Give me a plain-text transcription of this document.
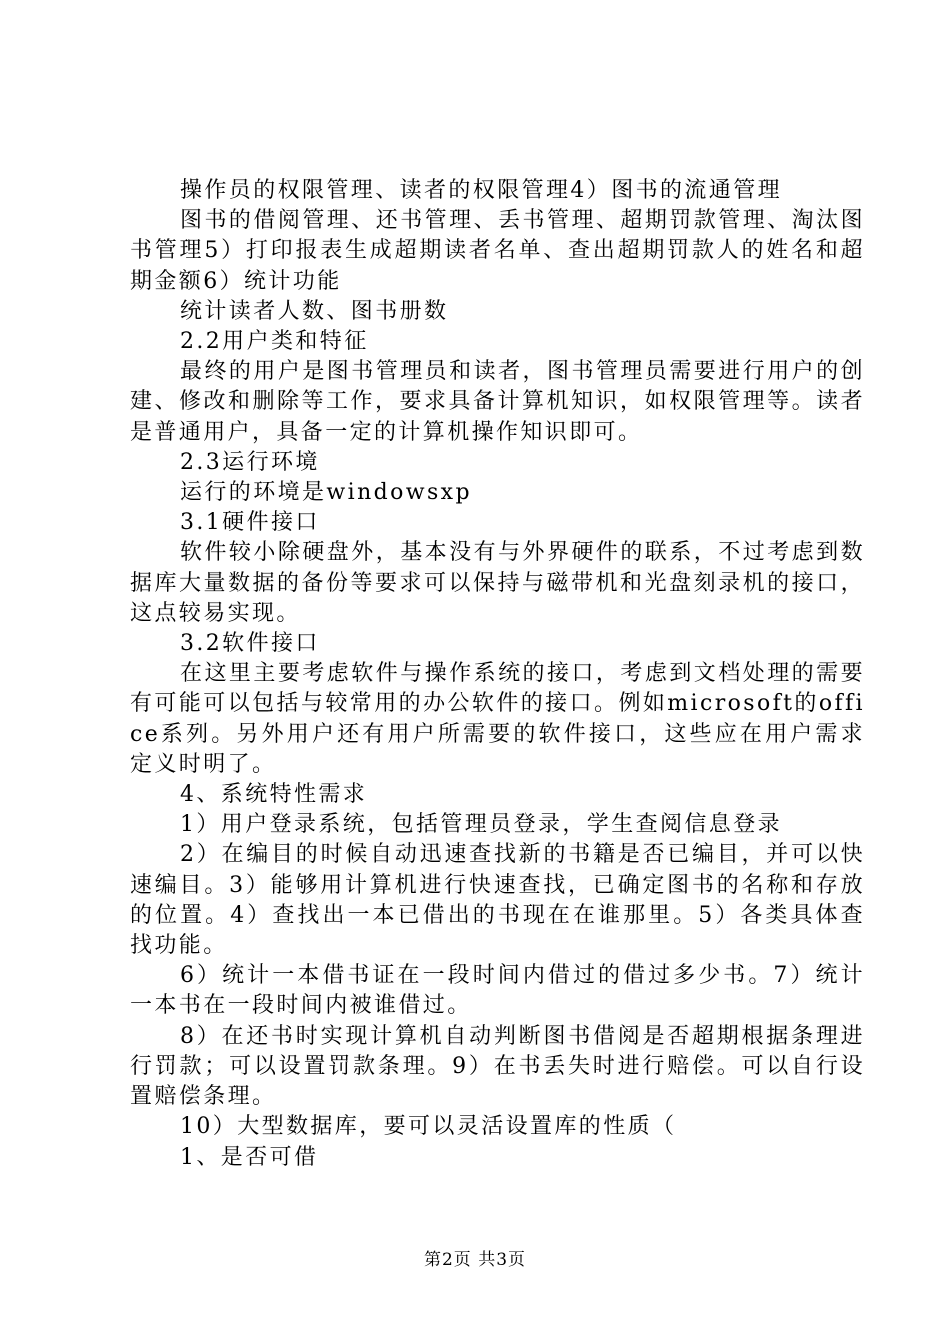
操作员的权限管理、读者的权限管理4）图书的流通管理

图书的借阅管理、还书管理、丢书管理、超期罚款管理、淘汰图书管理5）打印报表生成超期读者名单、查出超期罚款人的姓名和超期金额6）统计功能

统计读者人数、图书册数

2.2用户类和特征

最终的用户是图书管理员和读者，图书管理员需要进行用户的创建、修改和删除等工作，要求具备计算机知识，如权限管理等。读者是普通用户，具备一定的计算机操作知识即可。

2.3运行环境

运行的环境是windowsxp

3.1硬件接口

软件较小除硬盘外，基本没有与外界硬件的联系，不过考虑到数据库大量数据的备份等要求可以保持与磁带机和光盘刻录机的接口，这点较易实现。

3.2软件接口

在这里主要考虑软件与操作系统的接口，考虑到文档处理的需要有可能可以包括与较常用的办公软件的接口。例如microsoft的office系列。另外用户还有用户所需要的软件接口，这些应在用户需求定义时明了。

4、系统特性需求

1）用户登录系统，包括管理员登录，学生查阅信息登录

2）在编目的时候自动迅速查找新的书籍是否已编目，并可以快速编目。3）能够用计算机进行快速查找，已确定图书的名称和存放的位置。4）查找出一本已借出的书现在在谁那里。5）各类具体查找功能。

6）统计一本借书证在一段时间内借过的借过多少书。7）统计一本书在一段时间内被谁借过。

8）在还书时实现计算机自动判断图书借阅是否超期根据条理进行罚款；可以设置罚款条理。9）在书丢失时进行赔偿。可以自行设置赔偿条理。

10）大型数据库，要可以灵活设置库的性质（

1、是否可借

第2页 共3页
